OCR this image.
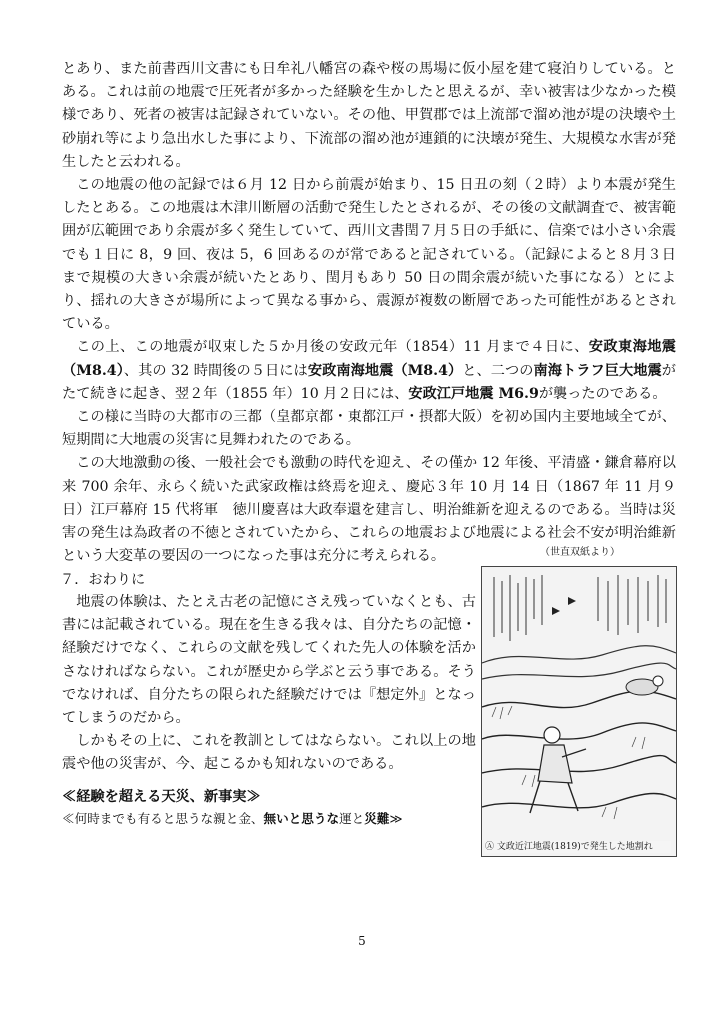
とあり、また前書西川文書にも日牟礼八幡宮の森や桜の馬場に仮小屋を建て寝泊りしている。とある。これは前の地震で圧死者が多かった経験を生かしたと思えるが、幸い被害は少なかった模様であり、死者の被害は記録されていない。その他、甲賀郡では上流部で溜め池が堤の決壊や土砂崩れ等により急出水した事により、下流部の溜め池が連鎖的に決壊が発生、大規模な水害が発生したと云われる。

この地震の他の記録では６月 12 日から前震が始まり、15 日丑の刻（２時）より本震が発生したとある。この地震は木津川断層の活動で発生したとされるが、その後の文献調査で、被害範囲が広範囲であり余震が多く発生していて、西川文書閏７月５日の手紙に、信楽では小さい余震でも１日に 8，9 回、夜は 5，6 回あるのが常であると記されている。（記録によると８月３日まで規模の大きい余震が続いたとあり、閏月もあり 50 日の間余震が続いた事になる）とにより、揺れの大きさが場所によって異なる事から、震源が複数の断層であった可能性があるとされている。

この上、この地震が収束した５か月後の安政元年（1854）11 月まで４日に、安政東海地震（M8.4）、其の 32 時間後の５日には安政南海地震（M8.4）と、二つの南海トラフ巨大地震がたて続きに起き、翌２年（1855 年）10 月２日には、安政江戸地震 M6.9が襲ったのである。

この様に当時の大都市の三都（皇都京都・東都江戸・摂都大阪）を初め国内主要地域全てが、短期間に大地震の災害に見舞われたのである。

この大地激動の後、一般社会でも激動の時代を迎え、その僅か 12 年後、平清盛・鎌倉幕府以来 700 余年、永らく続いた武家政権は終焉を迎え、慶応３年 10 月 14 日（1867 年 11 月９日）江戸幕府 15 代将軍　徳川慶喜は大政奉還を建言し、明治維新を迎えるのである。当時は災害の発生は為政者の不徳とされていたから、これらの地震および地震による社会不安が明治維新という大変革の要因の一つになった事は充分に考えられる。	（世直双紙より）
７．おわりに

地震の体験は、たとえ古老の記憶にさえ残っていなくとも、古書には記載されている。現在を生きる我々は、自分たちの記憶・経験だけでなく、これらの文献を残してくれた先人の体験を活かさなければならない。これが歴史から学ぶと云う事である。そうでなければ、自分たちの限られた経験だけでは『想定外』となってしまうのだから。

しかもその上に、これを教訓としてはならない。これ以上の地震や他の災害が、今、起こるかも知れないのである。

≪経験を超える天災、新事実≫
≪何時までも有ると思うな親と金、無いと思うな運と災難≫
Ⓐ 文政近江地震(1819)で発生した地割れ
5
